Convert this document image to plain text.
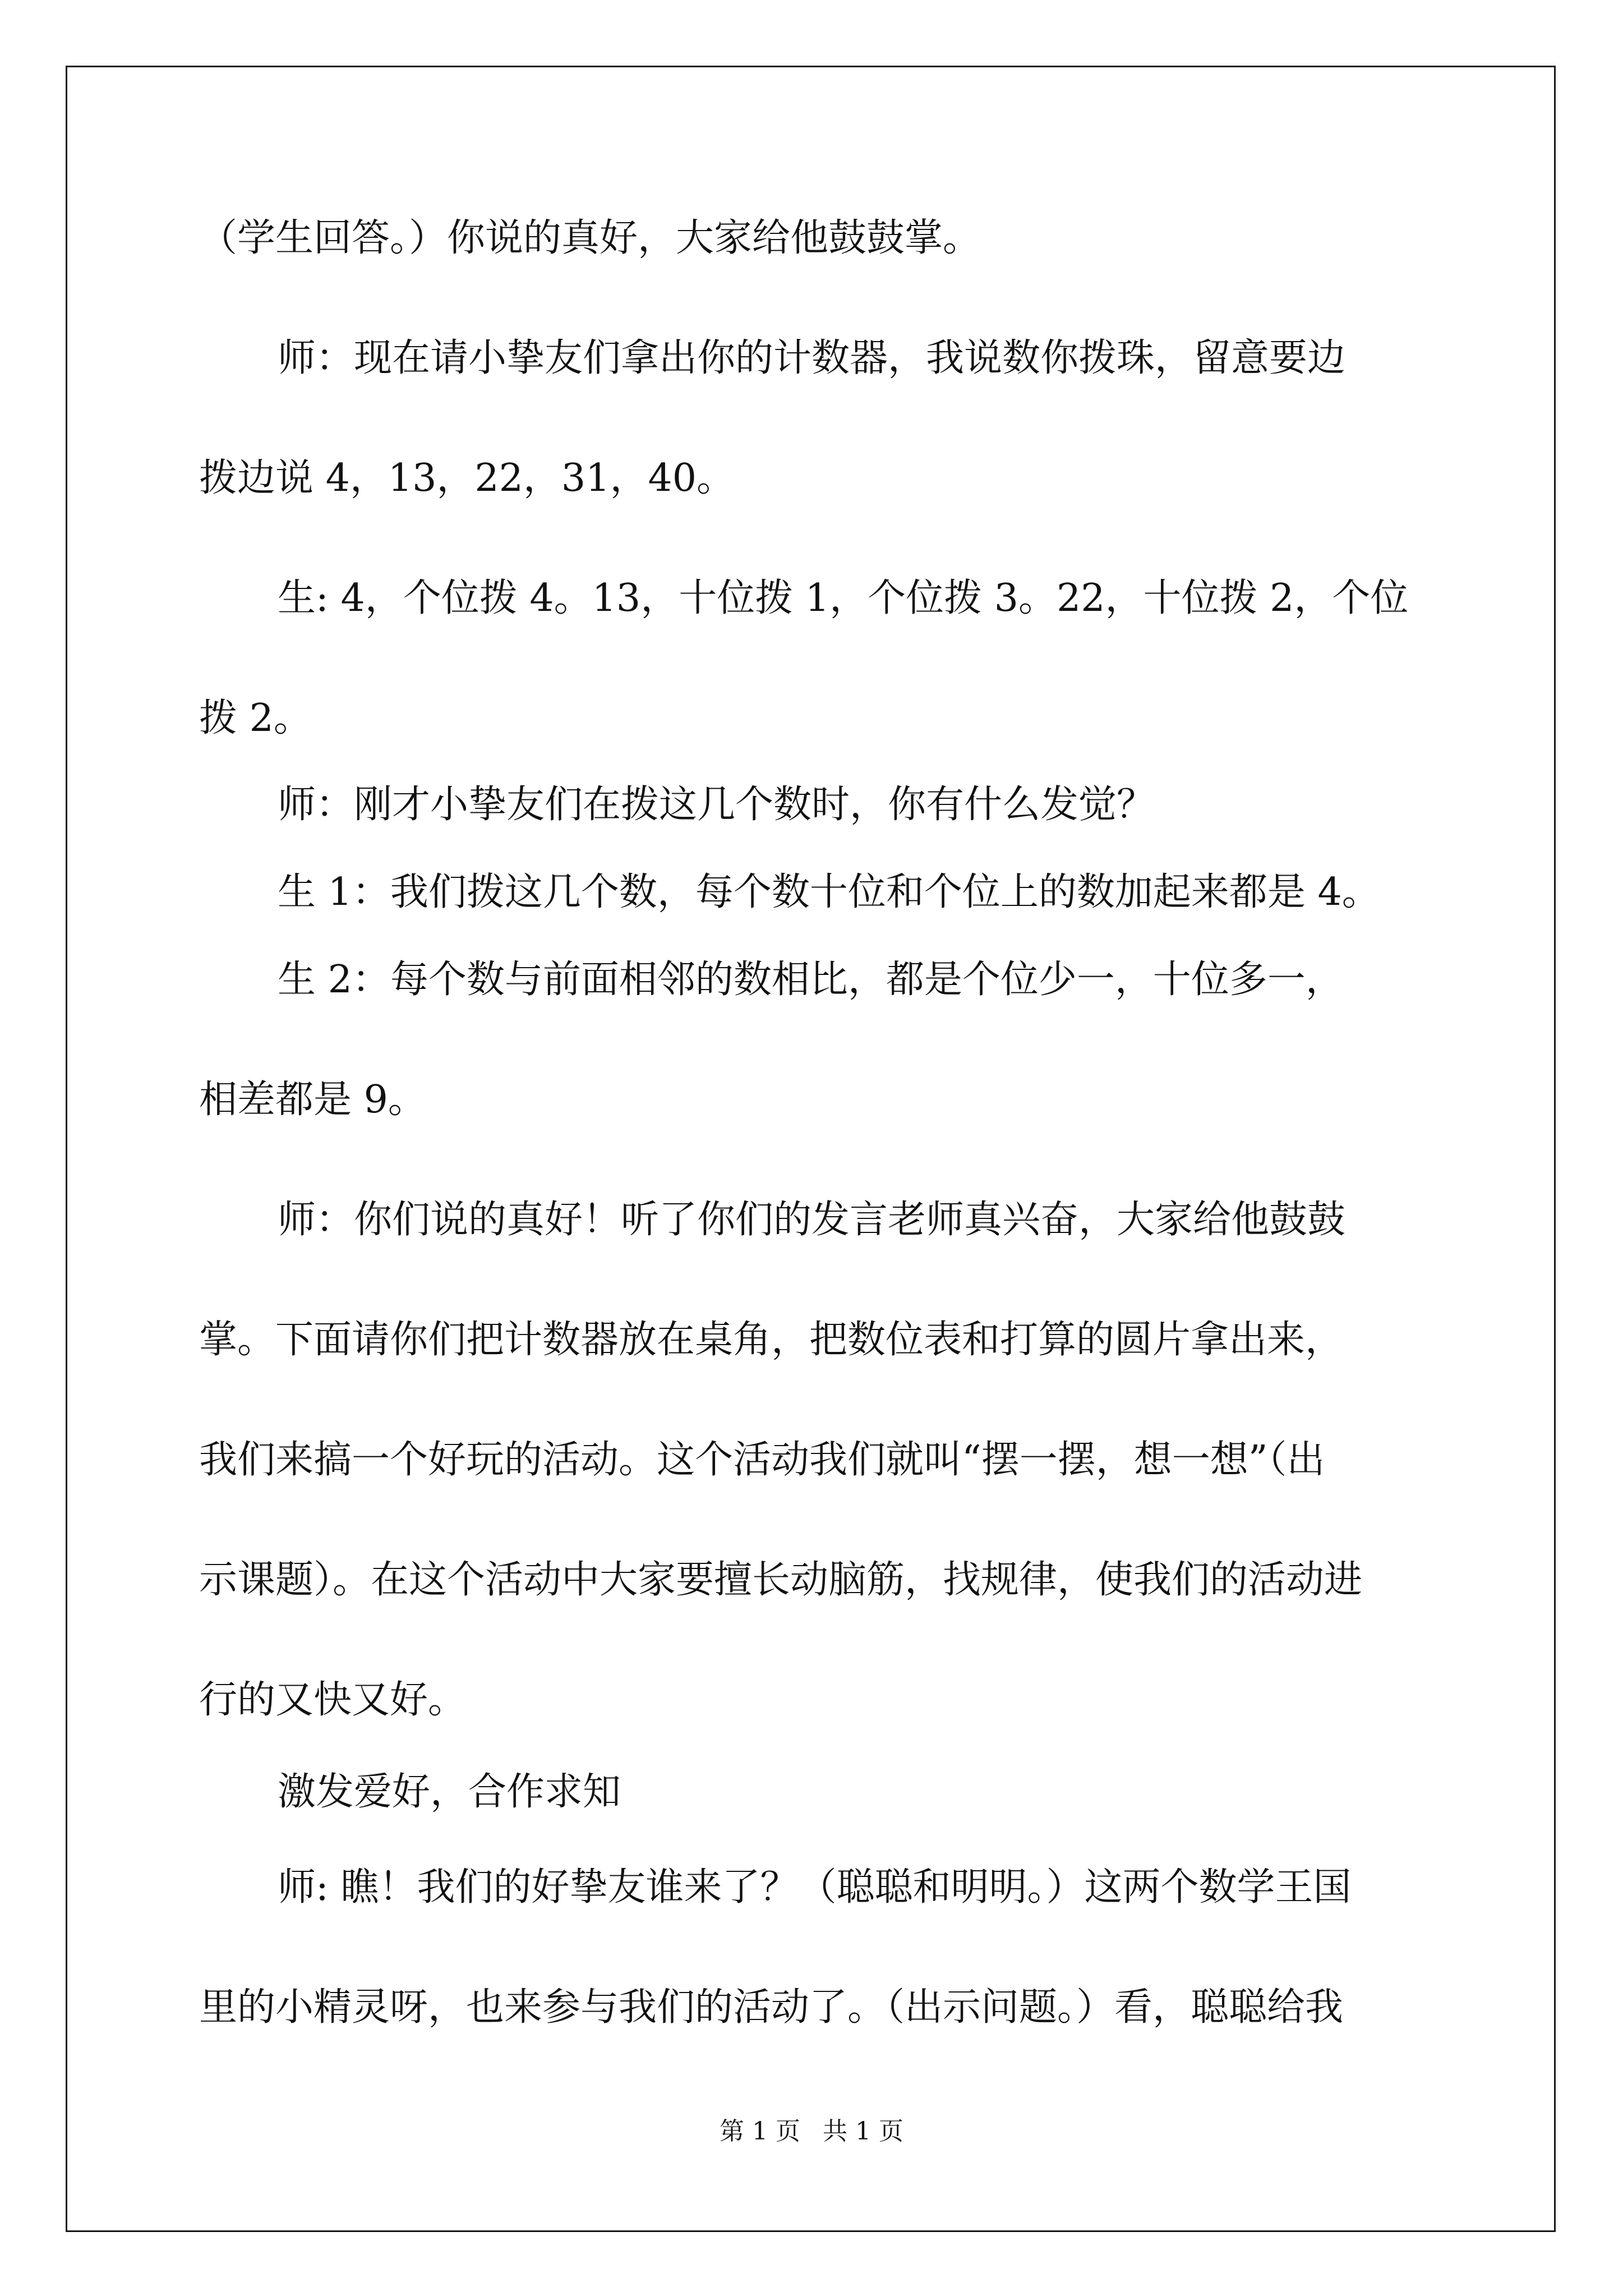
（学生回答。）你说的真好，大家给他鼓鼓掌。
师：现在请小挚友们拿出你的计数器，我说数你拨珠，留意要边
拨边说 4，13，22，31，40。
生: 4，个位拨 4。13，十位拨 1，个位拨 3。22，十位拨 2，个位
拨 2。
师：刚才小挚友们在拨这几个数时，你有什么发觉？
生 1：我们拨这几个数，每个数十位和个位上的数加起来都是 4。
生 2：每个数与前面相邻的数相比，都是个位少一，十位多一，
相差都是 9。
师：你们说的真好！听了你们的发言老师真兴奋，大家给他鼓鼓
掌。下面请你们把计数器放在桌角，把数位表和打算的圆片拿出来，
我们来搞一个好玩的活动。这个活动我们就叫“摆一摆，想一想”（出
示课题）。在这个活动中大家要擅长动脑筋，找规律，使我们的活动进
行的又快又好。
激发爱好，合作求知
师: 瞧！我们的好挚友谁来了？（聪聪和明明。）这两个数学王国
里的小精灵呀，也来参与我们的活动了。（出示问题。）看，聪聪给我
第 1 页 共 1 页
